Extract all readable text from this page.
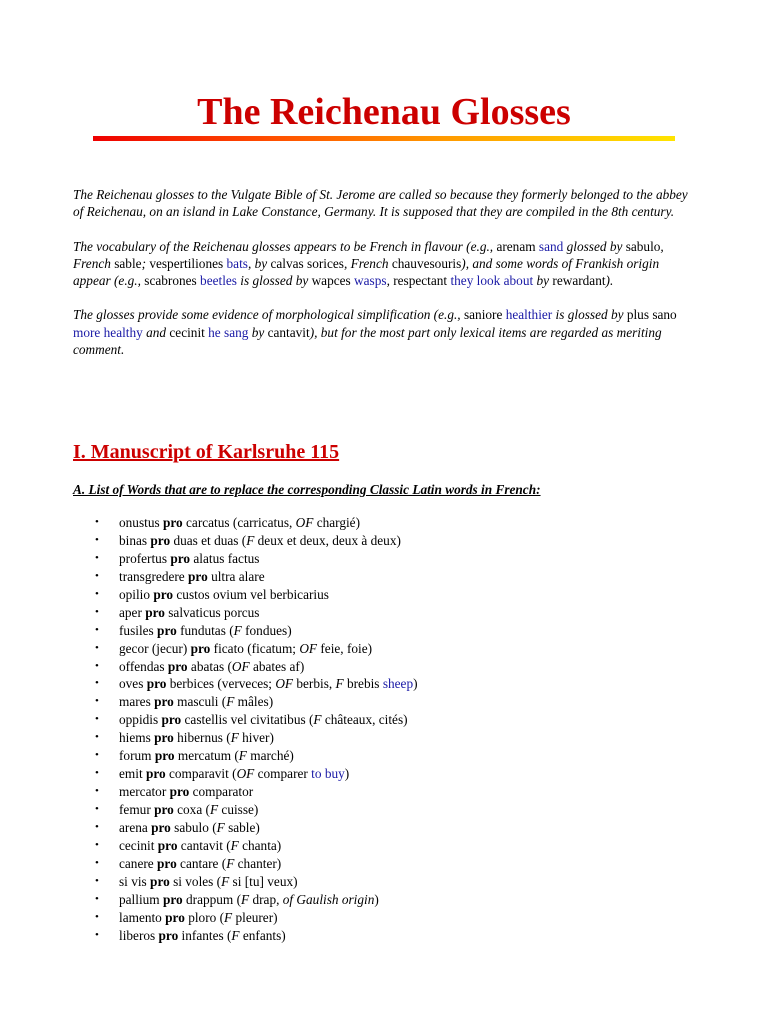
The Reichenau Glosses

The Reichenau glosses to the Vulgate Bible of St. Jerome are called so because they formerly belonged to the abbey of Reichenau, on an island in Lake Constance, Germany. It is supposed that they are compiled in the 8th century.

The vocabulary of the Reichenau glosses appears to be French in flavour (e.g., arenam sand glossed by sabulo, French sable; vespertiliones bats, by calvas sorices, French chauvesouris), and some words of Frankish origin appear (e.g., scabrones beetles is glossed by wapces wasps, respectant they look about by rewardant).

The glosses provide some evidence of morphological simplification (e.g., saniore healthier is glossed by plus sano more healthy and cecinit he sang by cantavit), but for the most part only lexical items are regarded as meriting comment.

I. Manuscript of Karlsruhe 115
A. List of Words that are to replace the corresponding Classic Latin words in French:
• onustus pro carcatus (carricatus, OF chargié)
• binas pro duas et duas (F deux et deux, deux à deux)
• profertus pro alatus factus
• transgredere pro ultra alare
• opilio pro custos ovium vel berbicarius
• aper pro salvaticus porcus
• fusiles pro fundutas (F fondues)
• gecor (jecur) pro ficato (ficatum; OF feie, foie)
• offendas pro abatas (OF abates af)
• oves pro berbices (verveces; OF berbis, F brebis sheep)
• mares pro masculi (F mâles)
• oppidis pro castellis vel civitatibus (F châteaux, cités)
• hiems pro hibernus (F hiver)
• forum pro mercatum (F marché)
• emit pro comparavit (OF comparer to buy)
• mercator pro comparator
• femur pro coxa (F cuisse)
• arena pro sabulo (F sable)
• cecinit pro cantavit (F chanta)
• canere pro cantare (F chanter)
• si vis pro si voles (F si [tu] veux)
• pallium pro drappum (F drap, of Gaulish origin)
• lamento pro ploro (F pleurer)
• liberos pro infantes (F enfants)
